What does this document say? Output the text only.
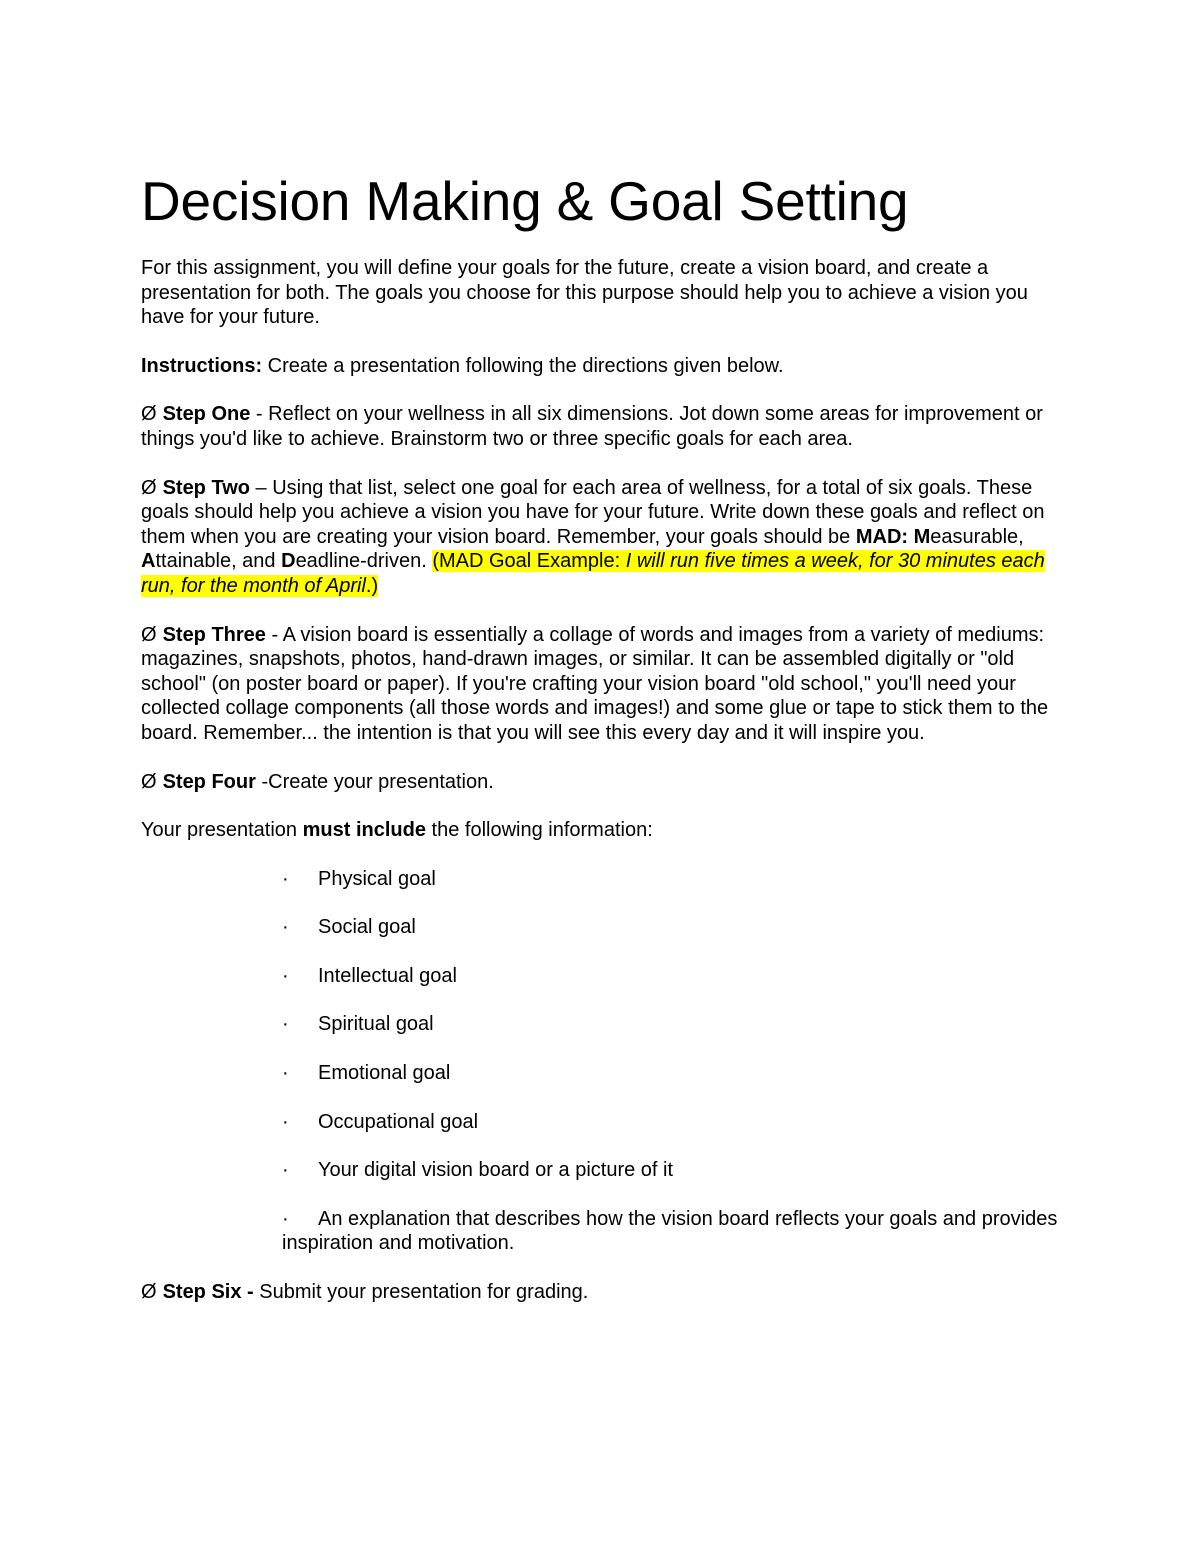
Decision Making & Goal Setting

For this assignment, you will define your goals for the future, create a vision board, and create a presentation for both. The goals you choose for this purpose should help you to achieve a vision you have for your future.

Instructions: Create a presentation following the directions given below.

Ø Step One - Reflect on your wellness in all six dimensions. Jot down some areas for improvement or things you'd like to achieve. Brainstorm two or three specific goals for each area.

Ø Step Two – Using that list, select one goal for each area of wellness, for a total of six goals. These goals should help you achieve a vision you have for your future. Write down these goals and reflect on them when you are creating your vision board. Remember, your goals should be MAD: Measurable, Attainable, and Deadline-driven. (MAD Goal Example: I will run five times a week, for 30 minutes each run, for the month of April.)

Ø Step Three - A vision board is essentially a collage of words and images from a variety of mediums: magazines, snapshots, photos, hand-drawn images, or similar. It can be assembled digitally or "old school" (on poster board or paper). If you're crafting your vision board "old school," you'll need your collected collage components (all those words and images!) and some glue or tape to stick them to the board. Remember... the intention is that you will see this every day and it will inspire you.

Ø Step Four -Create your presentation.

Your presentation must include the following information:

· Physical goal

· Social goal

· Intellectual goal

· Spiritual goal

· Emotional goal

· Occupational goal

· Your digital vision board or a picture of it

· An explanation that describes how the vision board reflects your goals and provides inspiration and motivation.

Ø Step Six - Submit your presentation for grading.
